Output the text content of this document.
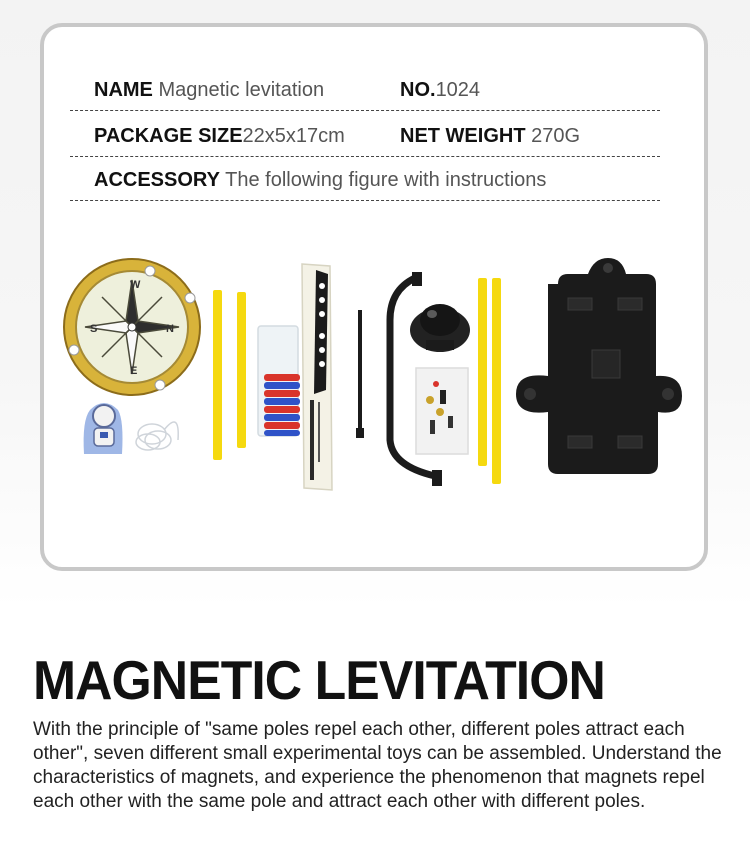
NAME Magnetic levitation	NO.1024
PACKAGE SIZE22x5x17cm	NET WEIGHT 270G
ACCESSORY The following figure with instructions
W
N
E
S
MAGNETIC LEVITATION

With the principle of "same poles repel each other, different poles attract each other", seven different small experimental toys can be assembled. Understand the characteristics of magnets, and experience the phenomenon that magnets repel each other with the same pole and attract each other with different poles.
